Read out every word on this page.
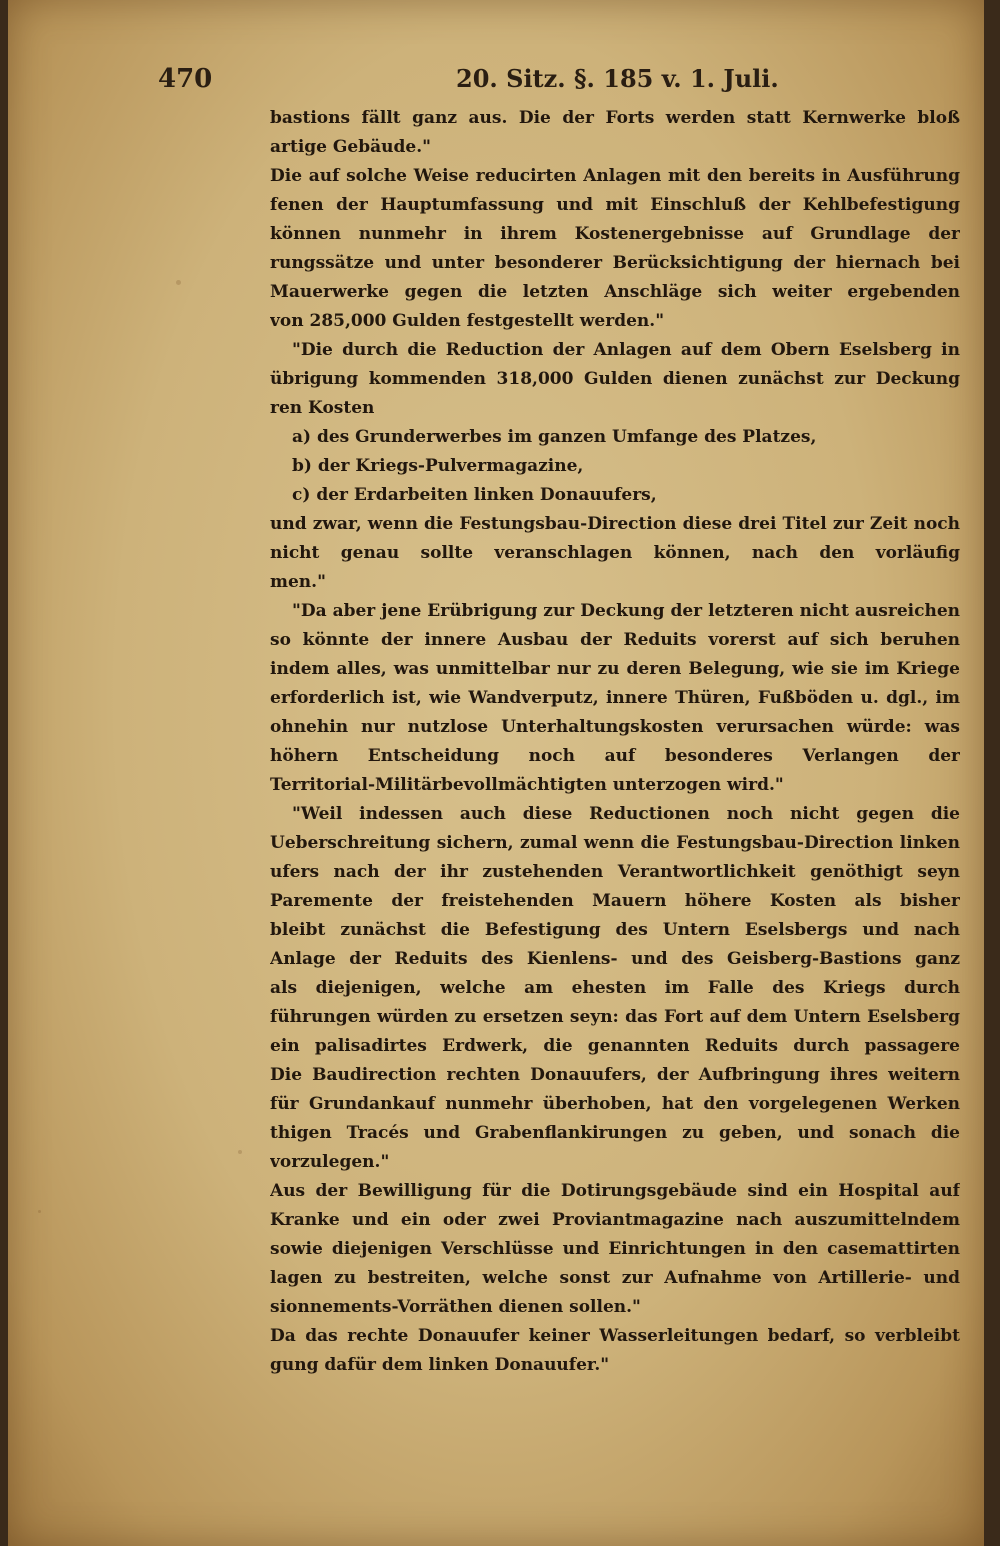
470	20. Sitz. §. 185 v. 1. Juli.
bastions fällt ganz aus. Die der Forts werden statt Kernwerke bloß
artige Gebäude."
Die auf solche Weise reducirten Anlagen mit den bereits in Ausführung
fenen der Hauptumfassung und mit Einschluß der Kehlbefestigung
können nunmehr in ihrem Kostenergebnisse auf Grundlage der
rungssätze und unter besonderer Berücksichtigung der hiernach bei
Mauerwerke gegen die letzten Anschläge sich weiter ergebenden
von 285,000 Gulden festgestellt werden."
"Die durch die Reduction der Anlagen auf dem Obern Eselsberg in
übrigung kommenden 318,000 Gulden dienen zunächst zur Deckung
ren Kosten
a) des Grunderwerbes im ganzen Umfange des Platzes,
b) der Kriegs-Pulvermagazine,
c) der Erdarbeiten linken Donauufers,
und zwar, wenn die Festungsbau-Direction diese drei Titel zur Zeit noch
nicht genau sollte veranschlagen können, nach den vorläufig
men."
"Da aber jene Erübrigung zur Deckung der letzteren nicht ausreichen
so könnte der innere Ausbau der Reduits vorerst auf sich beruhen
indem alles, was unmittelbar nur zu deren Belegung, wie sie im Kriege
erforderlich ist, wie Wandverputz, innere Thüren, Fußböden u. dgl., im
ohnehin nur nutzlose Unterhaltungskosten verursachen würde: was
höhern Entscheidung noch auf besonderes Verlangen der
Territorial-Militärbevollmächtigten unterzogen wird."
"Weil indessen auch diese Reductionen noch nicht gegen die
Ueberschreitung sichern, zumal wenn die Festungsbau-Direction linken
ufers nach der ihr zustehenden Verantwortlichkeit genöthigt seyn
Paremente der freistehenden Mauern höhere Kosten als bisher
bleibt zunächst die Befestigung des Untern Eselsbergs und nach
Anlage der Reduits des Kienlens- und des Geisberg-Bastions ganz
als diejenigen, welche am ehesten im Falle des Kriegs durch
führungen würden zu ersetzen seyn: das Fort auf dem Untern Eselsberg
ein palisadirtes Erdwerk, die genannten Reduits durch passagere
Die Baudirection rechten Donauufers, der Aufbringung ihres weitern
für Grundankauf nunmehr überhoben, hat den vorgelegenen Werken
thigen Tracés und Grabenflankirungen zu geben, und sonach die
vorzulegen."
Aus der Bewilligung für die Dotirungsgebäude sind ein Hospital auf
Kranke und ein oder zwei Proviantmagazine nach auszumittelndem
sowie diejenigen Verschlüsse und Einrichtungen in den casemattirten
lagen zu bestreiten, welche sonst zur Aufnahme von Artillerie- und
sionnements-Vorräthen dienen sollen."
Da das rechte Donauufer keiner Wasserleitungen bedarf, so verbleibt
gung dafür dem linken Donauufer."
